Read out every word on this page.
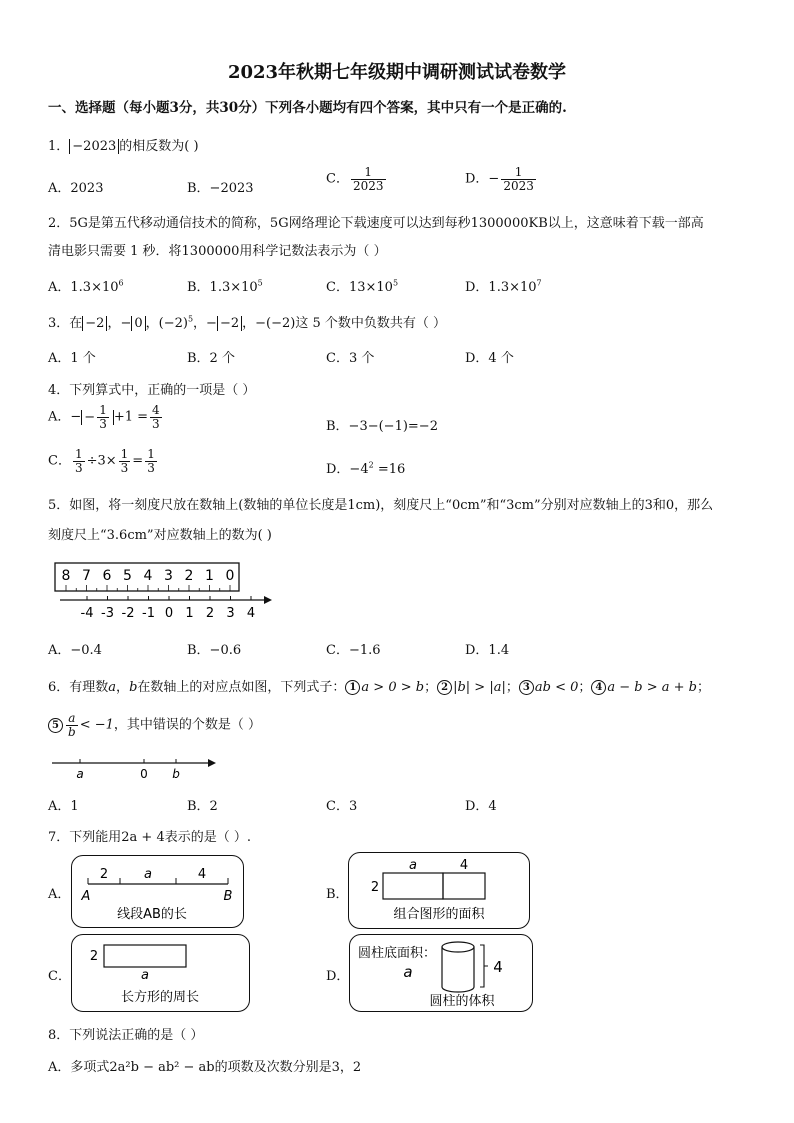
2023年秋期七年级期中调研测试试卷数学
一、选择题（每小题3分，共30分）下列各小题均有四个答案，其中只有一个是正确的.
1． −2023 的相反数为( )
A．2023	B．−2023
C． $\frac{1}{2023}$	D．− $\frac{1}{2023}$
2．5G是第五代移动通信技术的简称，5G网络理论下载速度可以达到每秒1300000KB以上，这意味着下载一部高
清电影只需要 1 秒．将1300000用科学记数法表示为（ ）
A．$1.3\times 10^6$	B．$1.3\times 10^5$	C．$13\times 10^5$	D．$1.3\times 10^7$
3．在 −2 ，− 0 ，$(-2)^5$，− −2 ，−(−2)这 5 个数中负数共有（ ）
A．1 个	B．2 个	C．3 个	D．4 个
4．下列算式中，正确的一项是（ ）
A．− − $\frac{1}{3} +1 = \frac{4}{3}$	B．−3−(−1)=−2
C． $\frac{1}{3} \div 3\times \frac{1}{3} = \frac{1}{3}$	D．$-4^2 =16$
5．如图，将一刻度尺放在数轴上(数轴的单位长度是1cm)，刻度尺上“0cm”和“3cm”分别对应数轴上的3和0，那么
刻度尺上“3.6cm”对应数轴上的数为( )
8 7 6 5 4 3 2 1 0
-4 -3 -2 -1 0 1 2 3 4
A．−0.4	B．−0.6	C．−1.6	D．1.4
6．有理数a，b在数轴上的对应点如图，下列式子： 1 a > 0 > b； 2 |b| > |a|； 3 ab < 0； 4 a − b > a + b；
$5 \frac{a}{b} < -1$，其中错误的个数是（ ）
a	0 b
A．1	B．2	C．3	D．4
7．下列能用2a + 4表示的是（ ）.
A．
2	a	4
A	B
线段AB的长
B．
a	4
2
组合图形的面积
C．
2
a
长方形的周长
D．
圆柱底面积：
a	4
圆柱的体积
8．下列说法正确的是（ ）
A．多项式2a²b − ab² − ab的项数及次数分别是3，2
